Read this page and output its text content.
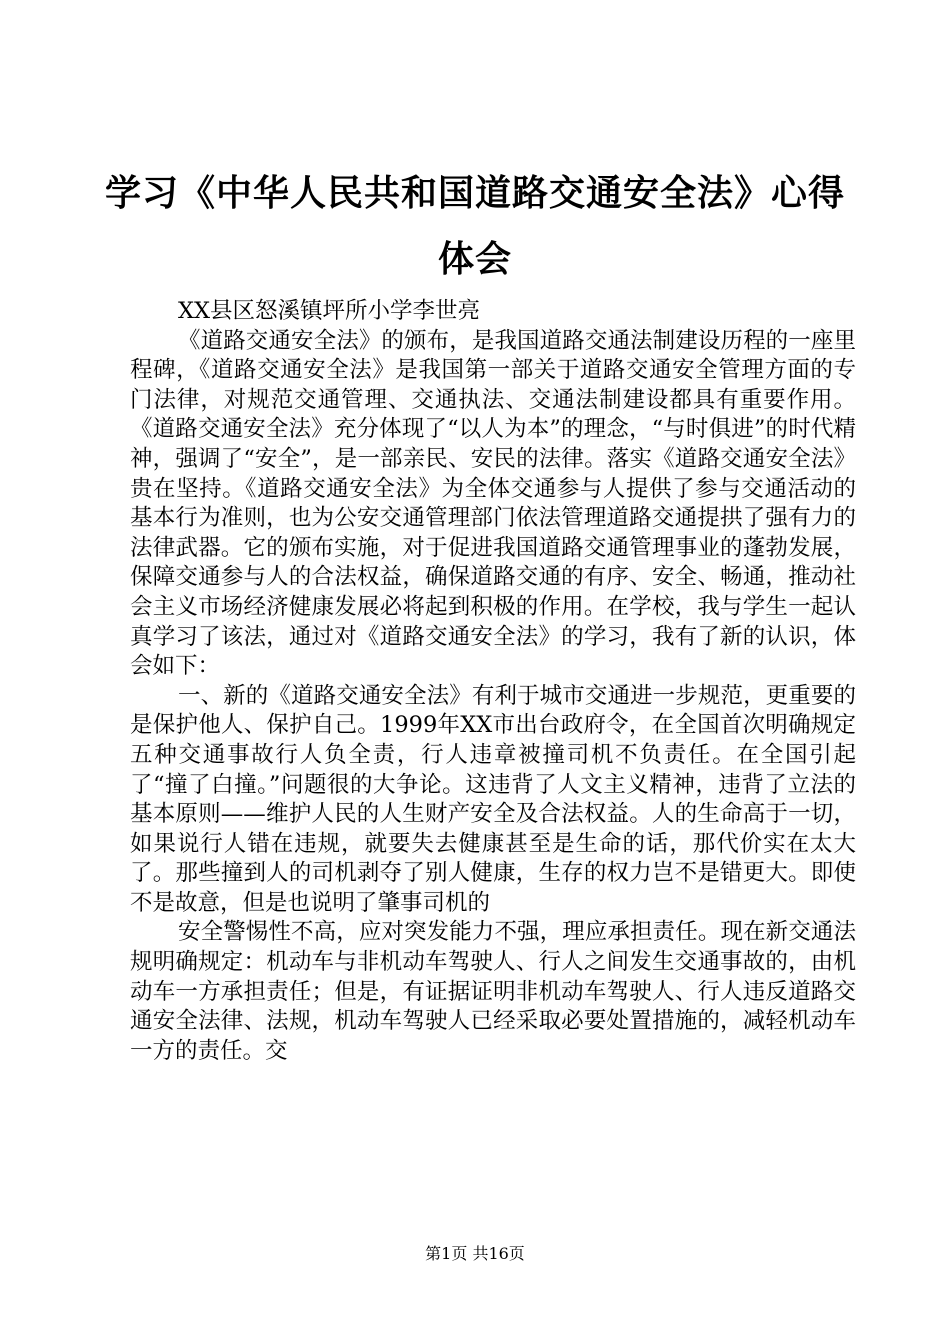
学习《中华人民共和国道路交通安全法》心得体会

XX县区怒溪镇坪所小学李世亮

《道路交通安全法》的颁布，是我国道路交通法制建设历程的一座里程碑，《道路交通安全法》是我国第一部关于道路交通安全管理方面的专门法律，对规范交通管理、交通执法、交通法制建设都具有重要作用。《道路交通安全法》充分体现了“以人为本”的理念，“与时俱进”的时代精神，强调了“安全”，是一部亲民、安民的法律。落实《道路交通安全法》贵在坚持。《道路交通安全法》为全体交通参与人提供了参与交通活动的基本行为准则，也为公安交通管理部门依法管理道路交通提拱了强有力的法律武器。它的颁布实施，对于促进我国道路交通管理事业的蓬勃发展，保障交通参与人的合法权益，确保道路交通的有序、安全、畅通，推动社会主义市场经济健康发展必将起到积极的作用。在学校，我与学生一起认真学习了该法，通过对《道路交通安全法》的学习，我有了新的认识，体会如下：

一、新的《道路交通安全法》有利于城市交通进一步规范，更重要的是保护他人、保护自己。1999年XX市出台政府令，在全国首次明确规定五种交通事故行人负全责，行人违章被撞司机不负责任。在全国引起了“撞了白撞。”问题很的大争论。这违背了人文主义精神，违背了立法的基本原则——维护人民的人生财产安全及合法权益。人的生命高于一切，如果说行人错在违规，就要失去健康甚至是生命的话，那代价实在太大了。那些撞到人的司机剥夺了别人健康，生存的权力岂不是错更大。即使不是故意，但是也说明了肇事司机的

安全警惕性不高，应对突发能力不强，理应承担责任。现在新交通法规明确规定：机动车与非机动车驾驶人、行人之间发生交通事故的，由机动车一方承担责任；但是，有证据证明非机动车驾驶人、行人违反道路交通安全法律、法规，机动车驾驶人已经采取必要处置措施的，减轻机动车一方的责任。交

第1页 共16页
